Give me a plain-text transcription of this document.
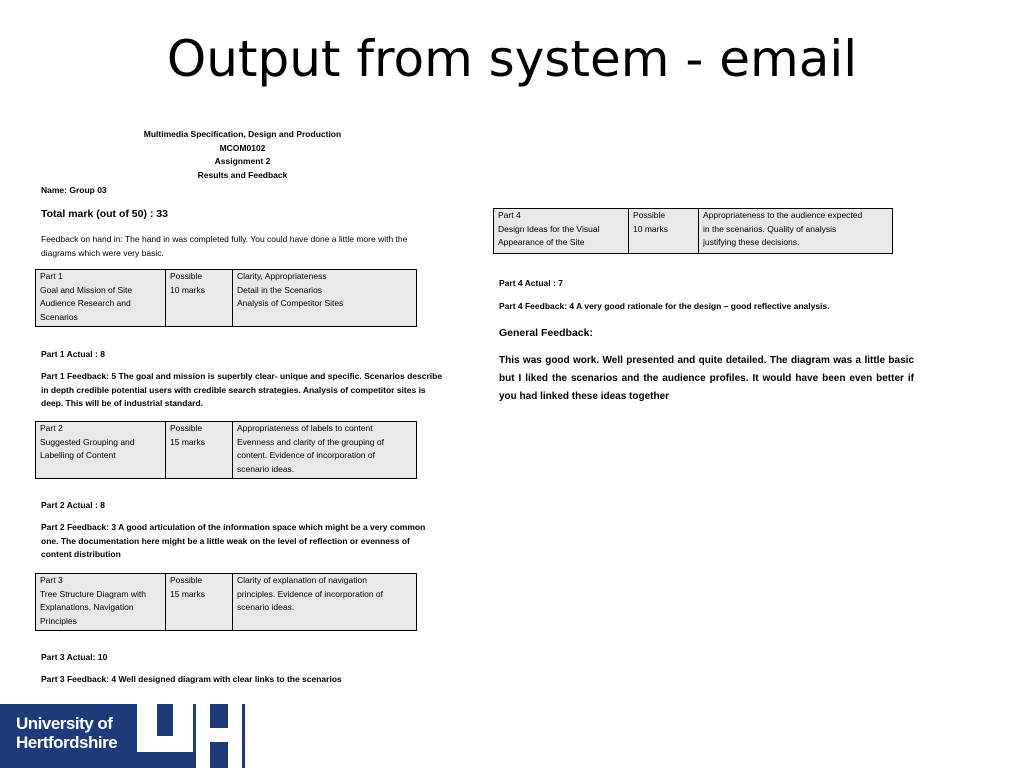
Output from system - email
Multimedia Specification, Design and Production
MCOM0102
Assignment 2
Results and Feedback
Name: Group 03
Total mark (out of 50) : 33
Feedback on hand in: The hand in was completed fully. You could have done a little more with the
diagrams which were very basic.
Part 1
Goal and Mission of Site
Audience Research and
Scenarios
Possible
10 marks
Clarity, Appropriateness
Detail in the Scenarios
Analysis of Competitor Sites
Part 1 Actual : 8
Part 1 Feedback: 5 The goal and mission is superbly clear- unique and specific. Scenarios describe
in depth credible potential users with credible search strategies. Analysis of competitor sites is
deep. This will be of industrial standard.
Part 2
Suggested Grouping and
Labelling of Content
Possible
15 marks
Appropriateness of labels to content
Evenness and clarity of the grouping of
content. Evidence of incorporation of
scenario ideas.
Part 2 Actual : 8
Part 2 Feedback: 3 A good articulation of the information space which might be a very common
one. The documentation here might be a little weak on the level of reflection or evenness of
content distribution
Part 3
Tree Structure Diagram with
Explanations, Navigation
Principles
Possible
15 marks
Clarity of explanation of navigation
principles. Evidence of incorporation of
scenario ideas.
Part 3 Actual: 10
Part 3 Feedback: 4 Well designed diagram with clear links to the scenarios
Part 4
Design Ideas for the Visual
Appearance of the Site
Possible
10 marks
Appropriateness to the audience expected
in the scenarios. Quality of analysis
justifying these decisions.
Part 4 Actual : 7
Part 4 Feedback: 4 A very good rationale for the design – good reflective analysis.
General Feedback:
This was good work. Well presented and quite detailed. The diagram was a little basic but I liked the scenarios and the audience profiles. It would have been even better if you had linked these ideas together
University of
Hertfordshire
